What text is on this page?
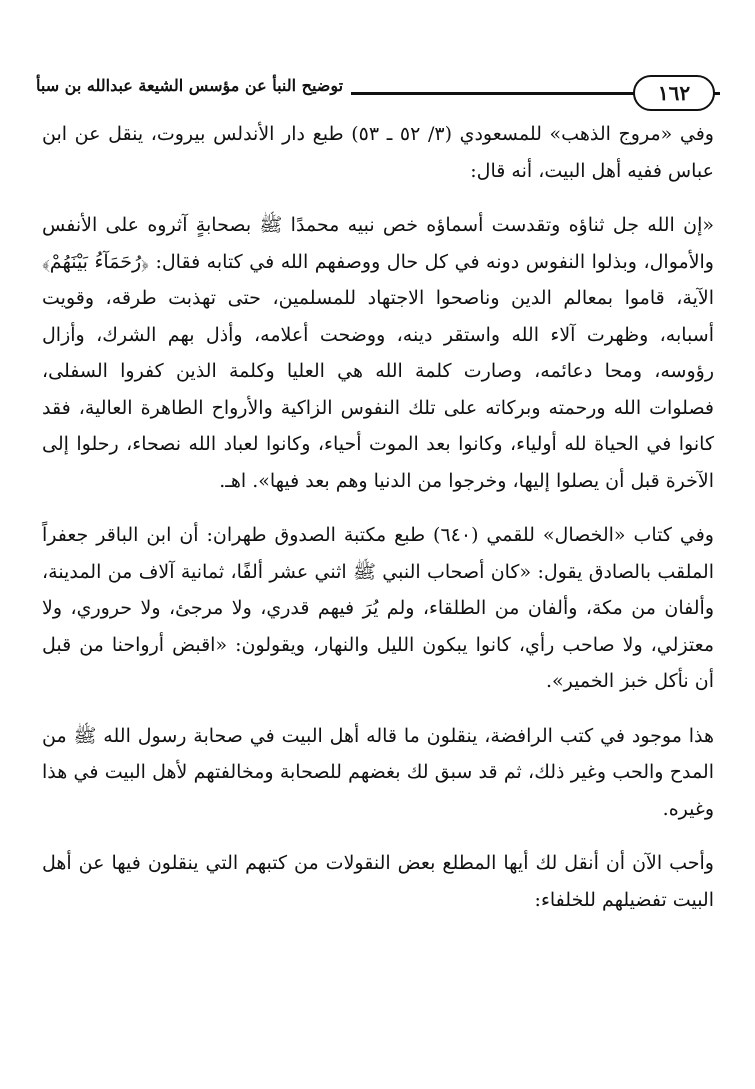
١٦٢
توضيح النبأ عن مؤسس الشيعة عبدالله بن سبأ

وفي «مروج الذهب» للمسعودي (٣/ ٥٢ ـ ٥٣) طبع دار الأندلس بيروت، ينقل عن ابن عباس ففيه أهل البيت، أنه قال:

«إن الله جل ثناؤه وتقدست أسماؤه خص نبيه محمدًا ﷺ بصحابةٍ آثروه على الأنفس والأموال، وبذلوا النفوس دونه في كل حال ووصفهم الله في كتابه فقال: ﴿رُحَمَآءُ بَيْنَهُمْ﴾ الآية، قاموا بمعالم الدين وناصحوا الاجتهاد للمسلمين، حتى تهذبت طرقه، وقويت أسبابه، وظهرت آلاء الله واستقر دينه، ووضحت أعلامه، وأذل بهم الشرك، وأزال رؤوسه، ومحا دعائمه، وصارت كلمة الله هي العليا وكلمة الذين كفروا السفلى، فصلوات الله ورحمته وبركاته على تلك النفوس الزاكية والأرواح الطاهرة العالية، فقد كانوا في الحياة لله أولياء، وكانوا بعد الموت أحياء، وكانوا لعباد الله نصحاء، رحلوا إلى الآخرة قبل أن يصلوا إليها، وخرجوا من الدنيا وهم بعد فيها». اهـ.

وفي كتاب «الخصال» للقمي (٦٤٠) طبع مكتبة الصدوق طهران: أن ابن الباقر جعفراً الملقب بالصادق يقول: «كان أصحاب النبي ﷺ اثني عشر ألفًا، ثمانية آلاف من المدينة، وألفان من مكة، وألفان من الطلقاء، ولم يُرَ فيهم قدري، ولا مرجئ، ولا حروري، ولا معتزلي، ولا صاحب رأي، كانوا يبكون الليل والنهار، ويقولون: «اقبض أرواحنا من قبل أن نأكل خبز الخمير».

هذا موجود في كتب الرافضة، ينقلون ما قاله أهل البيت في صحابة رسول الله ﷺ من المدح والحب وغير ذلك، ثم قد سبق لك بغضهم للصحابة ومخالفتهم لأهل البيت في هذا وغيره.

وأحب الآن أن أنقل لك أيها المطلع بعض النقولات من كتبهم التي ينقلون فيها عن أهل البيت تفضيلهم للخلفاء:
